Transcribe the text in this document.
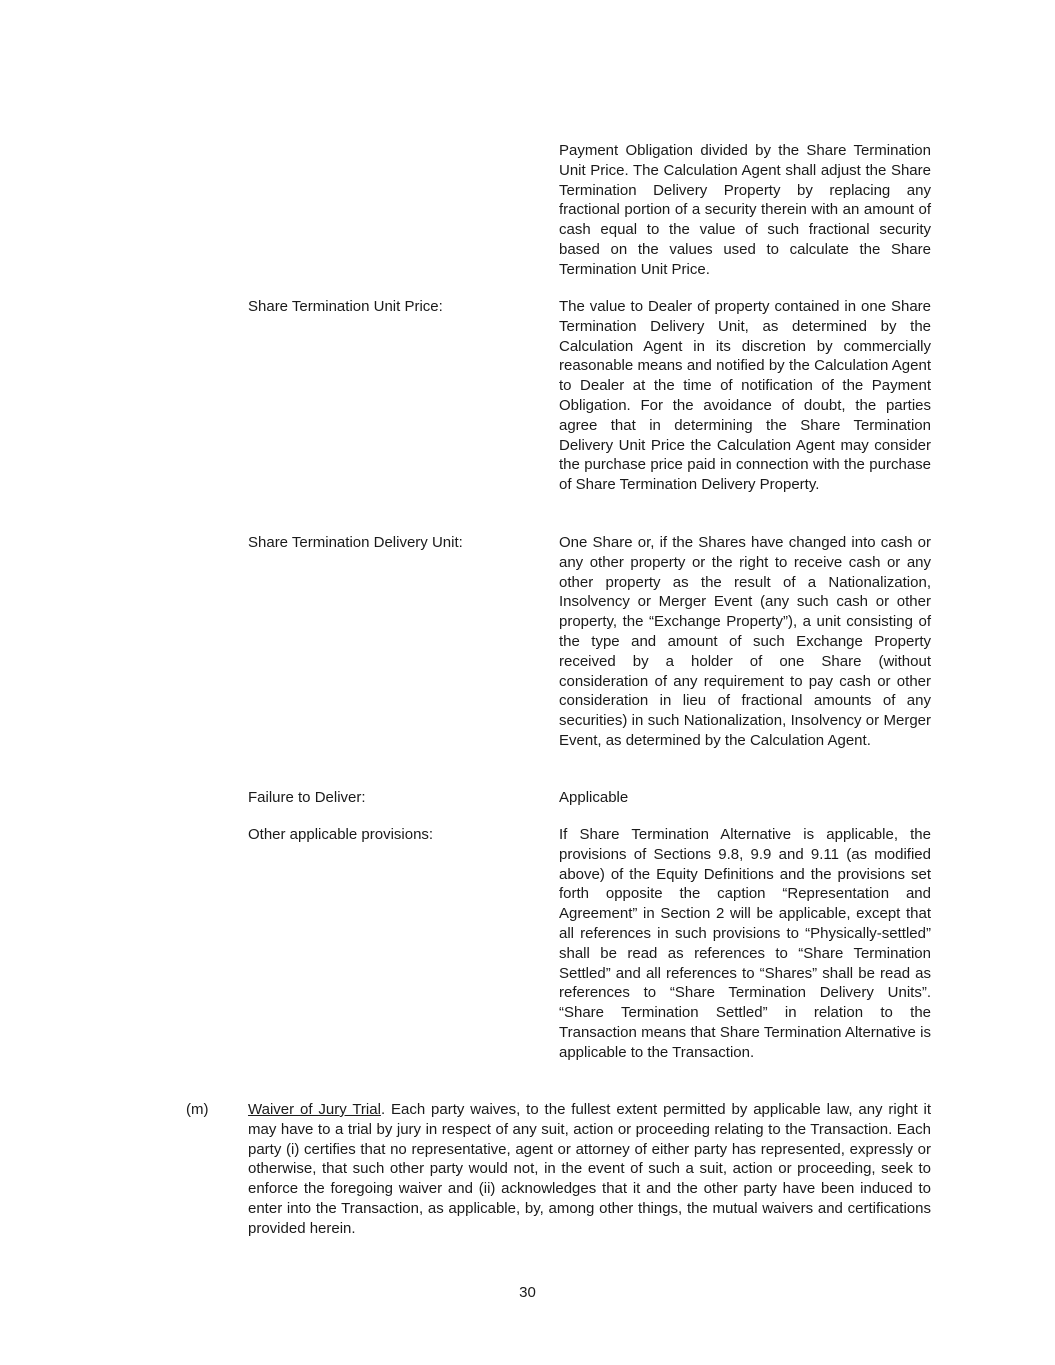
Payment Obligation divided by the Share Termination Unit Price. The Calculation Agent shall adjust the Share Termination Delivery Property by replacing any fractional portion of a security therein with an amount of cash equal to the value of such fractional security based on the values used to calculate the Share Termination Unit Price.
Share Termination Unit Price:	The value to Dealer of property contained in one Share Termination Delivery Unit, as determined by the Calculation Agent in its discretion by commercially reasonable means and notified by the Calculation Agent to Dealer at the time of notification of the Payment Obligation. For the avoidance of doubt, the parties agree that in determining the Share Termination Delivery Unit Price the Calculation Agent may consider the purchase price paid in connection with the purchase of Share Termination Delivery Property.
Share Termination Delivery Unit:	One Share or, if the Shares have changed into cash or any other property or the right to receive cash or any other property as the result of a Nationalization, Insolvency or Merger Event (any such cash or other property, the “Exchange Property”), a unit consisting of the type and amount of such Exchange Property received by a holder of one Share (without consideration of any requirement to pay cash or other consideration in lieu of fractional amounts of any securities) in such Nationalization, Insolvency or Merger Event, as determined by the Calculation Agent.
Failure to Deliver:	Applicable
Other applicable provisions:	If Share Termination Alternative is applicable, the provisions of Sections 9.8, 9.9 and 9.11 (as modified above) of the Equity Definitions and the provisions set forth opposite the caption “Representation and Agreement” in Section 2 will be applicable, except that all references in such provisions to “Physically-settled” shall be read as references to “Share Termination Settled” and all references to “Shares” shall be read as references to “Share Termination Delivery Units”. “Share Termination Settled” in relation to the Transaction means that Share Termination Alternative is applicable to the Transaction.
(m)	Waiver of Jury Trial. Each party waives, to the fullest extent permitted by applicable law, any right it may have to a trial by jury in respect of any suit, action or proceeding relating to the Transaction. Each party (i) certifies that no representative, agent or attorney of either party has represented, expressly or otherwise, that such other party would not, in the event of such a suit, action or proceeding, seek to enforce the foregoing waiver and (ii) acknowledges that it and the other party have been induced to enter into the Transaction, as applicable, by, among other things, the mutual waivers and certifications provided herein.
30
